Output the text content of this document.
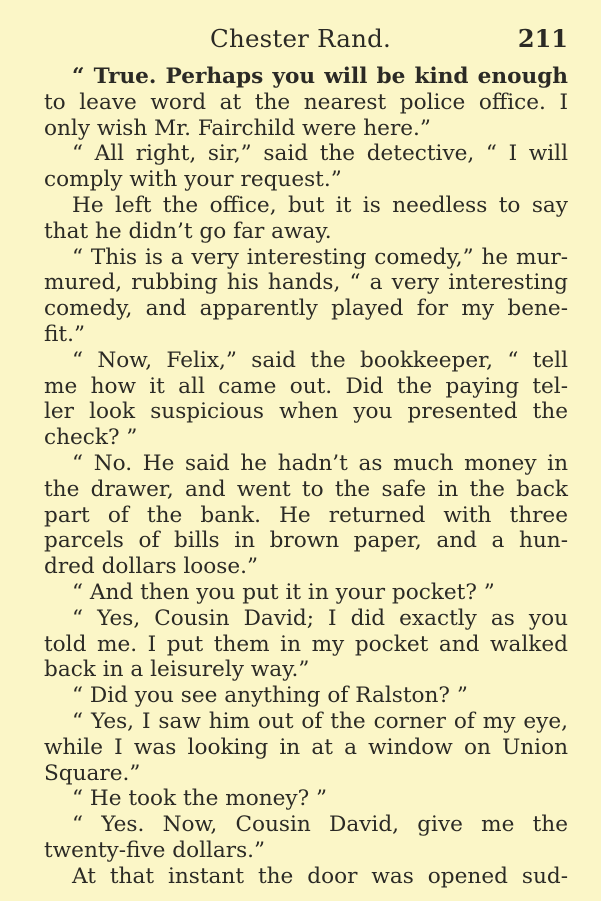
Chester Rand.	211
“ True. Perhaps you will be kind enough
to leave word at the nearest police office. I
only wish Mr. Fairchild were here.”
“ All right, sir,” said the detective, “ I will
comply with your request.”
He left the office, but it is needless to say
that he didn’t go far away.
“ This is a very interesting comedy,” he mur-
mured, rubbing his hands, “ a very interesting
comedy, and apparently played for my bene-
fit.”
“ Now, Felix,” said the bookkeeper, “ tell
me how it all came out. Did the paying tel-
ler look suspicious when you presented the
check? ”
“ No. He said he hadn’t as much money in
the drawer, and went to the safe in the back
part of the bank. He returned with three
parcels of bills in brown paper, and a hun-
dred dollars loose.”
“ And then you put it in your pocket? ”
“ Yes, Cousin David; I did exactly as you
told me. I put them in my pocket and walked
back in a leisurely way.”
“ Did you see anything of Ralston? ”
“ Yes, I saw him out of the corner of my eye,
while I was looking in at a window on Union
Square.”
“ He took the money? ”
“ Yes. Now, Cousin David, give me the
twenty-five dollars.”
At that instant the door was opened sud-
